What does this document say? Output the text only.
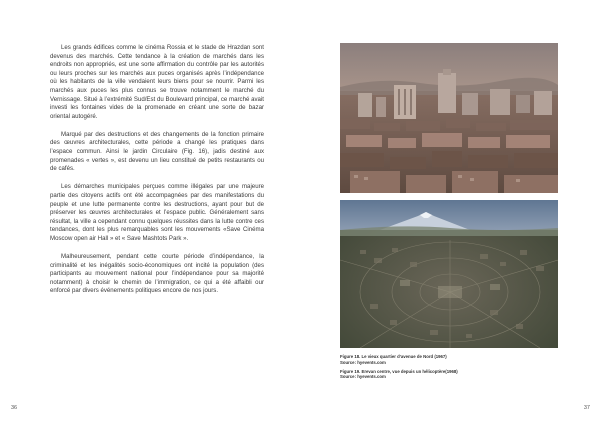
Les grands édifices comme le cinéma Rossia et le stade de Hrazdan sont devenus des marchés. Cette tendance à la création de marchés dans les endroits non appropriés, est une sorte affirmation du contrôle par les autorités ou leurs proches sur les marchés aux puces organisés après l’indépendance où les habitants de la ville vendaient leurs biens pour se nourrir. Parmi les marchés aux puces les plus connus se trouve notamment le marché du Vernissage. Situé à l’extrémité Sud/Est du Boulevard principal, ce marché avait investi les fontaines vides de la promenade en créant une sorte de bazar oriental autogéré.

Marqué par des destructions et des changements de la fonction primaire des œuvres architecturales, cette période a changé les pratiques dans l’espace commun. Ainsi le jardin Circulaire (Fig. 16), jadis destiné aux promenades « vertes », est devenu un lieu constitué de petits restaurants ou de cafés.

Les démarches municipales perçues comme illégales par une majeure partie des citoyens actifs ont été accompagnées par des manifestations du peuple et une lutte permanente contre les destructions, ayant pour but de préserver les œuvres architecturales et l’espace public. Généralement sans résultat, la ville a cependant connu quelques réussites dans la lutte contre ces tendances, dont les plus remarquables sont les mouvements «Save Cinéma Moscow open air Hall » et « Save Mashtots Park ».

Malheureusement, pendant cette courte période d’indépendance, la criminalité et les inégalités socio-économiques ont incité la population (des participants au mouvement national pour l’indépendance pour sa majorité notamment) à choisir le chemin de l’immigration, ce qui a été affaibli our enforcé par divers événements politiques encore de nos jours.

36
Figure 18. Le vieux quartier d’avenue de Nord (1967)
Source: hyevents.com
Figure 19. Erevan centre, vue depuis un hélicoptère(1968)
Source: hyevents.com
37
